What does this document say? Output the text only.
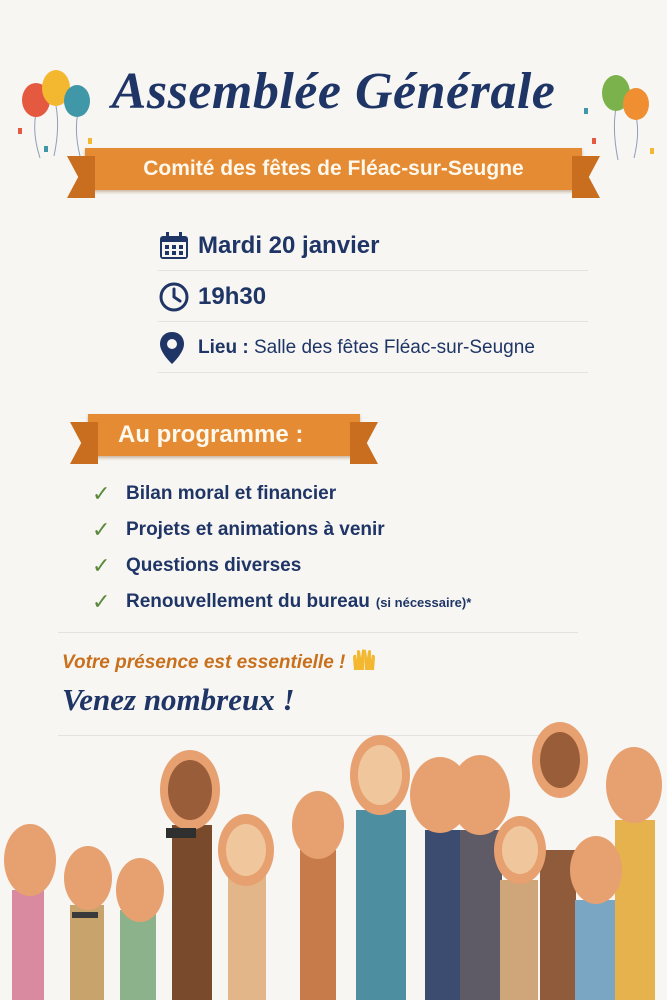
Assemblée Générale
Comité des fêtes de Fléac-sur-Seugne
Mardi 20 janvier
19h30
Lieu : Salle des fêtes Fléac-sur-Seugne
Au programme :
✓ Bilan moral et financier
✓ Projets et animations à venir
✓ Questions diverses
✓ Renouvellement du bureau (si nécessaire)*
Votre présence est essentielle !
Venez nombreux !
